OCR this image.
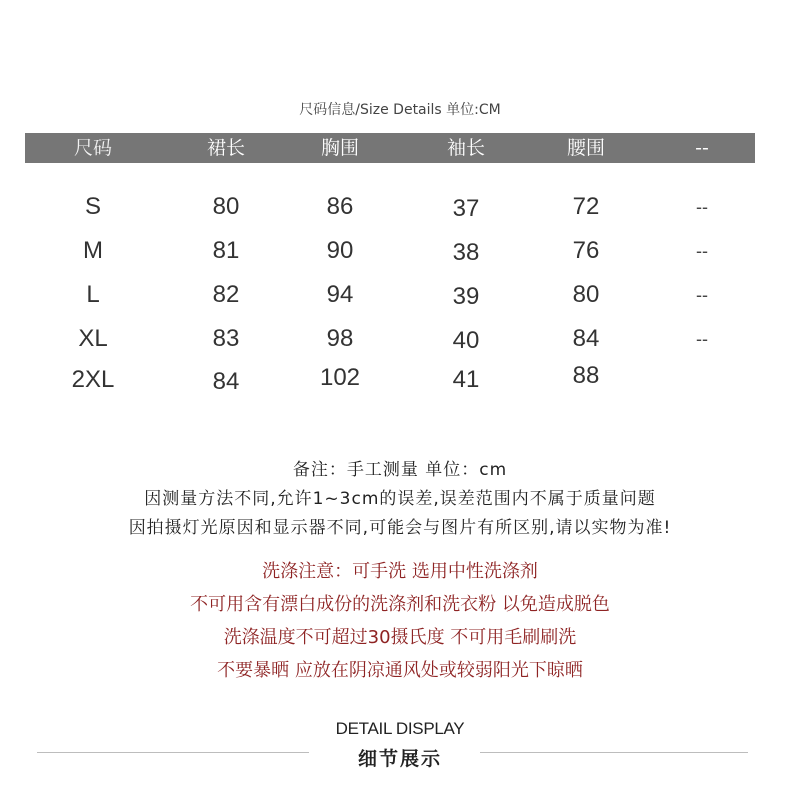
尺码信息/Size Details 单位:CM
尺码	裙长	胸围	袖长	腰围	--
S	80	86	37	72	--
M	81	90	38	76	--
L	82	94	39	80	--
XL	83	98	40	84	--
2XL	84	102	41	88
备注：手工测量 单位：cm
因测量方法不同,允许1~3cm的误差,误差范围内不属于质量问题
因拍摄灯光原因和显示器不同,可能会与图片有所区别,请以实物为准!
洗涤注意：可手洗 选用中性洗涤剂
不可用含有漂白成份的洗涤剂和洗衣粉 以免造成脱色
洗涤温度不可超过30摄氏度 不可用毛刷刷洗
不要暴晒 应放在阴凉通风处或较弱阳光下晾晒
DETAIL DISPLAY
细节展示
